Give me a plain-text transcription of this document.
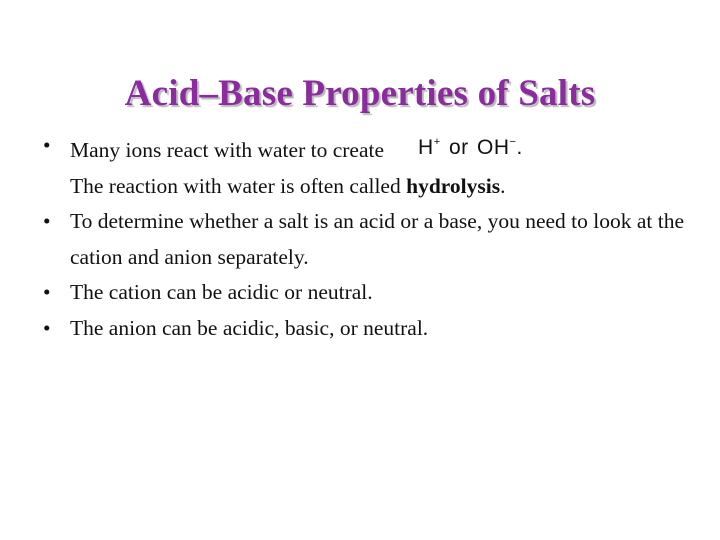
Acid–Base Properties of Salts
• Many ions react with water to create H+ or OH−.
The reaction with water is often called hydrolysis.
• To determine whether a salt is an acid or a base, you need to look at the cation and anion separately.
• The cation can be acidic or neutral.
• The anion can be acidic, basic, or neutral.
